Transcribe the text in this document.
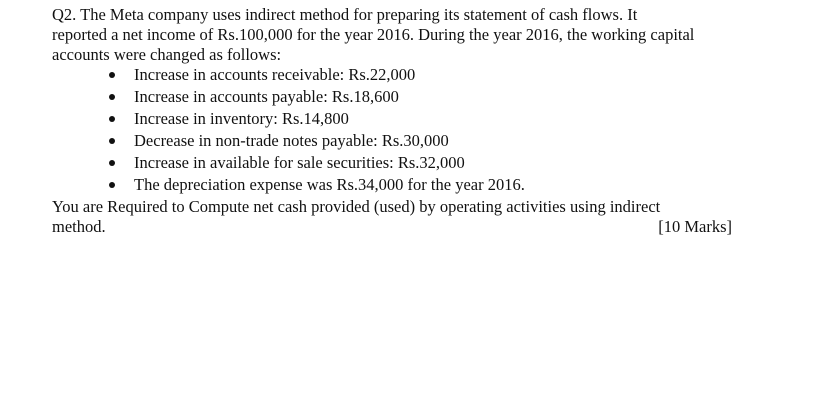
Q2. The Meta company uses indirect method for preparing its statement of cash flows. It
reported a net income of Rs.100,000 for the year 2016. During the year 2016, the working capital
accounts were changed as follows:

Increase in accounts receivable: Rs.22,000
Increase in accounts payable: Rs.18,600
Increase in inventory: Rs.14,800
Decrease in non-trade notes payable: Rs.30,000
Increase in available for sale securities: Rs.32,000
The depreciation expense was Rs.34,000 for the year 2016.

You are Required to Compute net cash provided (used) by operating activities using indirect
method.	[10 Marks]
